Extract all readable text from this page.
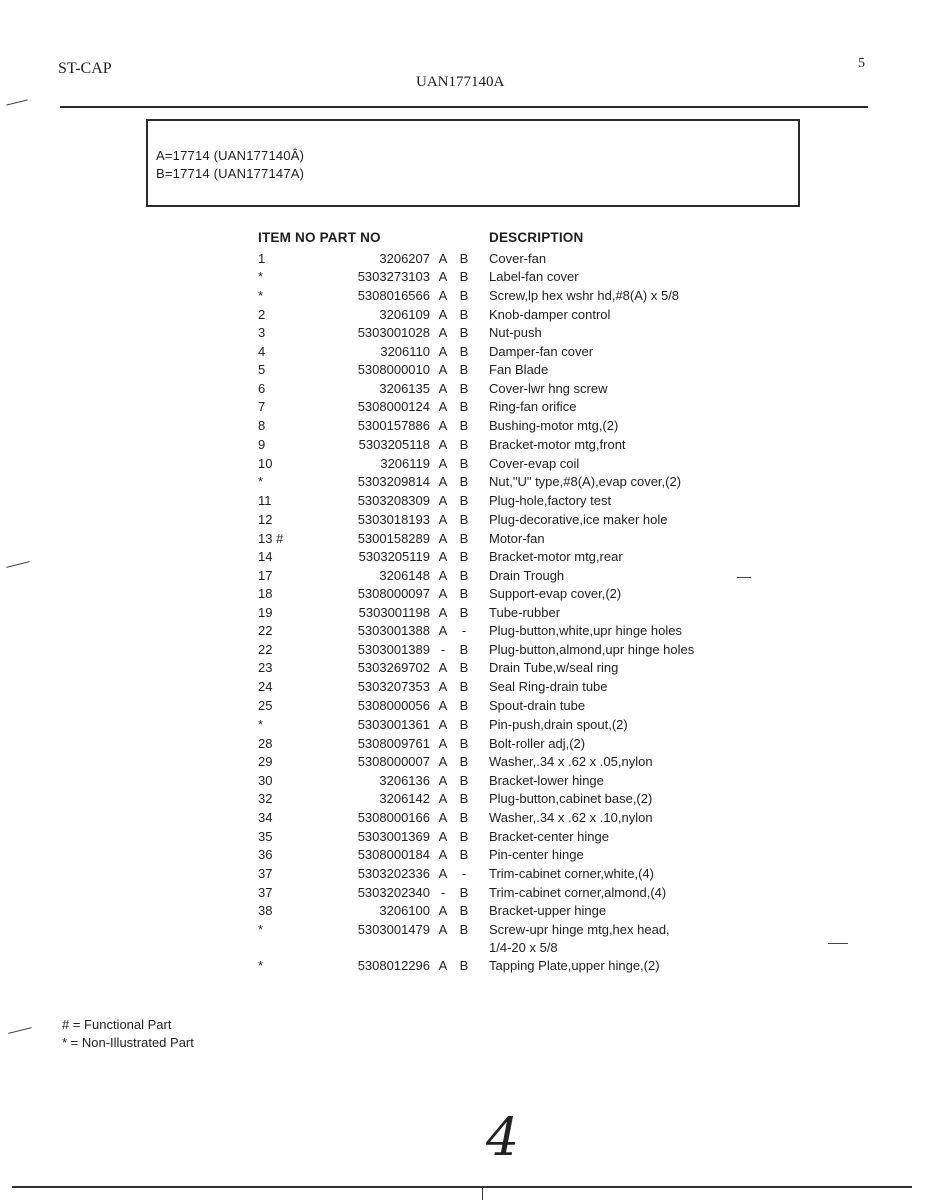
ST-CAP
UAN177140A
5
A=17714 (UAN177140Â)
B=17714 (UAN177147A)
ITEM NO PART NO	DESCRIPTION
1	3206207 A B Cover-fan
*	5303273103 A B Label-fan cover
*	5308016566 A B Screw,lp hex wshr hd,#8(A) x 5/8
2	3206109 A B Knob-damper control
3	5303001028 A B Nut-push
4	3206110 A B Damper-fan cover
5	5308000010 A B Fan Blade
6	3206135 A B Cover-lwr hng screw
7	5308000124 A B Ring-fan orifice
8	5300157886 A B Bushing-motor mtg,(2)
9	5303205118 A B Bracket-motor mtg,front
10	3206119 A B Cover-evap coil
*	5303209814 A B Nut,"U" type,#8(A),evap cover,(2)
11	5303208309 A B Plug-hole,factory test
12	5303018193 A B Plug-decorative,ice maker hole
13 #	5300158289 A B Motor-fan
14	5303205119 A B Bracket-motor mtg,rear
17	3206148 A B Drain Trough
18	5308000097 A B Support-evap cover,(2)
19	5303001198 A B Tube-rubber
22	5303001388 A - Plug-button,white,upr hinge holes
22	5303001389 - B Plug-button,almond,upr hinge holes
23	5303269702 A B Drain Tube,w/seal ring
24	5303207353 A B Seal Ring-drain tube
25	5308000056 A B Spout-drain tube
*	5303001361 A B Pin-push,drain spout,(2)
28	5308009761 A B Bolt-roller adj,(2)
29	5308000007 A B Washer,.34 x .62 x .05,nylon
30	3206136 A B Bracket-lower hinge
32	3206142 A B Plug-button,cabinet base,(2)
34	5308000166 A B Washer,.34 x .62 x .10,nylon
35	5303001369 A B Bracket-center hinge
36	5308000184 A B Pin-center hinge
37	5303202336 A - Trim-cabinet corner,white,(4)
37	5303202340 - B Trim-cabinet corner,almond,(4)
38	3206100 A B Bracket-upper hinge
*	5303001479 A B Screw-upr hinge mtg,hex head,
1/4-20 x 5/8
*	5308012296 A B Tapping Plate,upper hinge,(2)
# = Functional Part
* = Non-Illustrated Part
4
